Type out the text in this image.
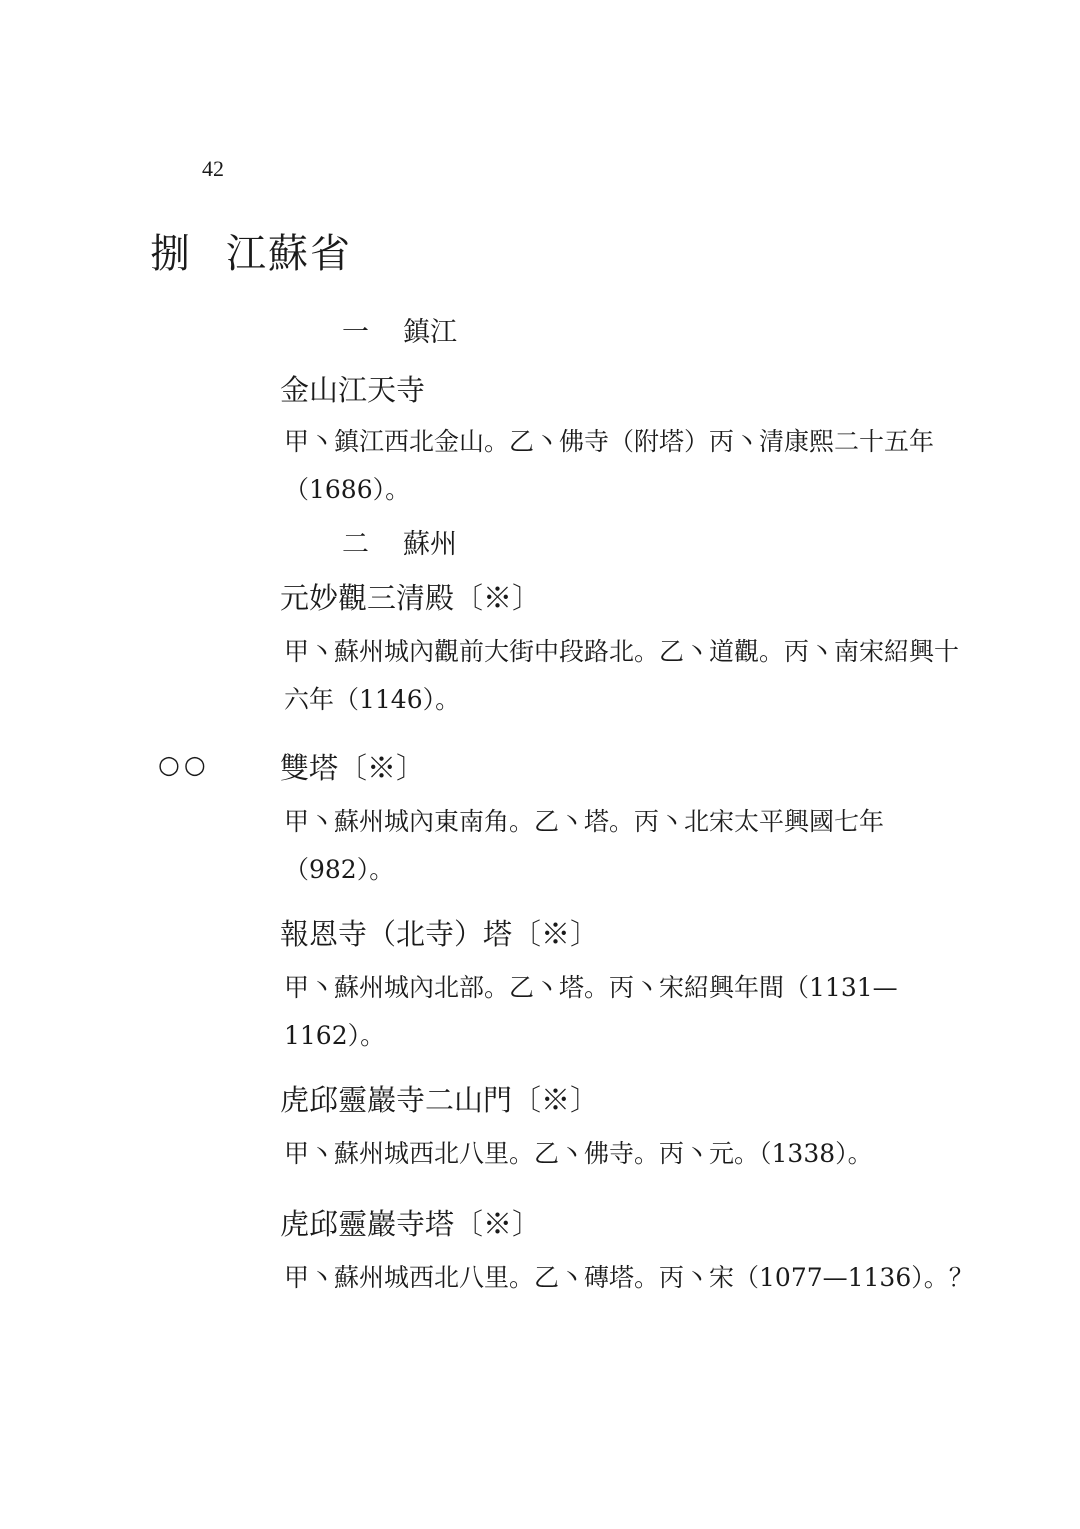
42
捌 江蘇省
一 鎮江
金山江天寺
甲丶鎮江西北金山。乙丶佛寺（附塔）丙丶清康熙二十五年（1686）。
二 蘇州
元妙觀三清殿〔※〕
甲丶蘇州城內觀前大街中段路北。乙丶道觀。丙丶南宋紹興十六年（1146）。
○○ 雙塔〔※〕
甲丶蘇州城內東南角。乙丶塔。丙丶北宋太平興國七年（982）。
報恩寺（北寺）塔〔※〕
甲丶蘇州城內北部。乙丶塔。丙丶宋紹興年間（1131—1162）。
虎邱靈巖寺二山門〔※〕
甲丶蘇州城西北八里。乙丶佛寺。丙丶元。（1338）。
虎邱靈巖寺塔〔※〕
甲丶蘇州城西北八里。乙丶磚塔。丙丶宋（1077—1136）。？
